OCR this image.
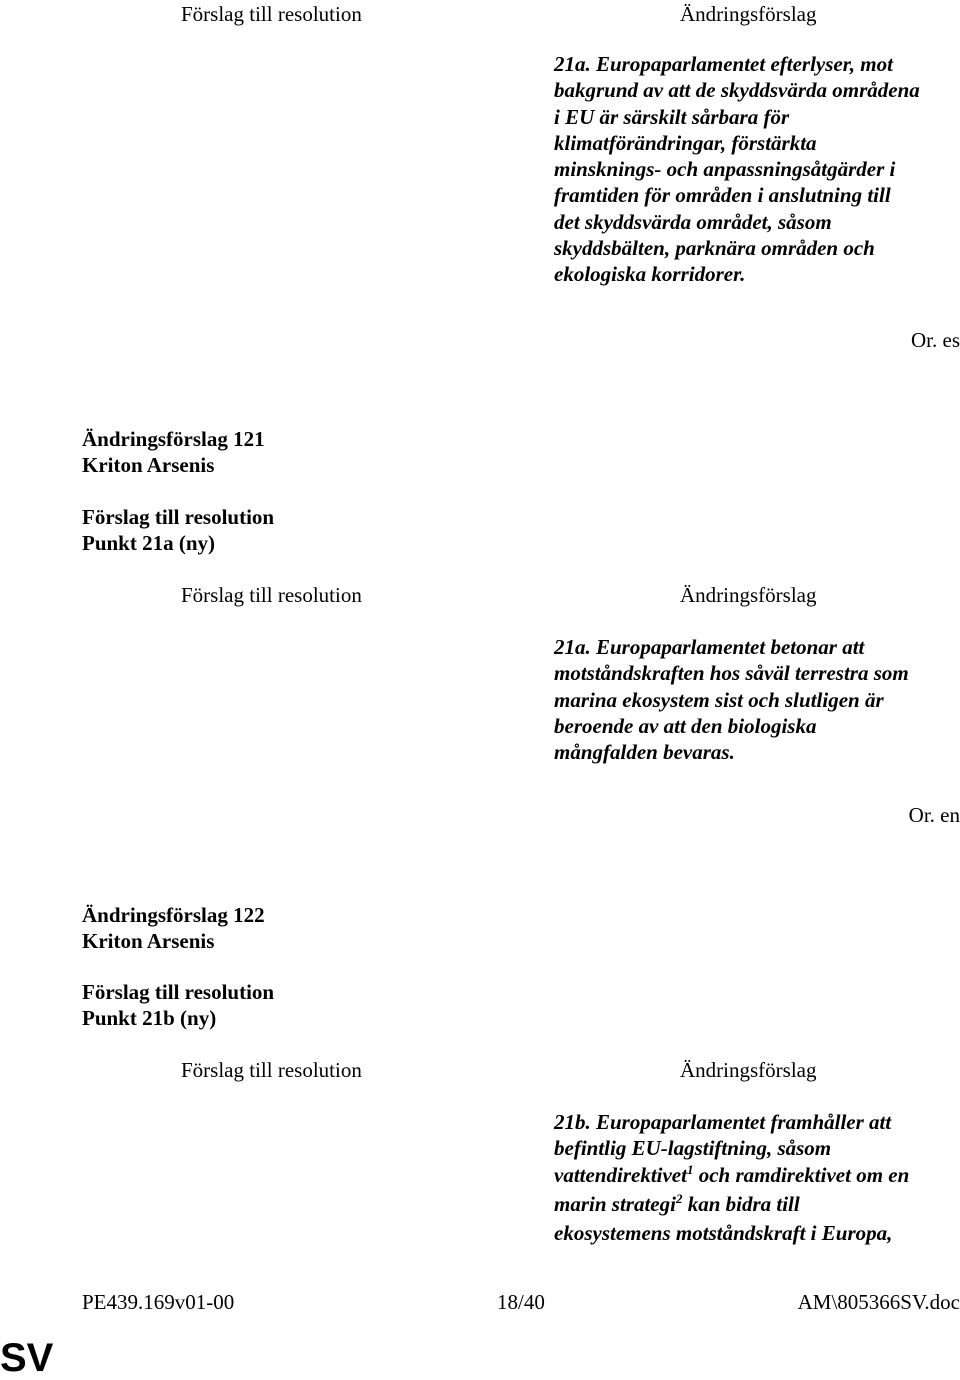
Förslag till resolution	Ändringsförslag
21a. Europaparlamentet efterlyser, mot
bakgrund av att de skyddsvärda områdena
i EU är särskilt sårbara för
klimatförändringar, förstärkta
minsknings- och anpassningsåtgärder i
framtiden för områden i anslutning till
det skyddsvärda området, såsom
skyddsbälten, parknära områden och
ekologiska korridorer.
Or. es
Ändringsförslag 121
Kriton Arsenis
Förslag till resolution
Punkt 21a (ny)
Förslag till resolution	Ändringsförslag
21a. Europaparlamentet betonar att
motståndskraften hos såväl terrestra som
marina ekosystem sist och slutligen är
beroende av att den biologiska
mångfalden bevaras.
Or. en
Ändringsförslag 122
Kriton Arsenis
Förslag till resolution
Punkt 21b (ny)
Förslag till resolution	Ändringsförslag
21b. Europaparlamentet framhåller att
befintlig EU-lagstiftning, såsom
vattendirektivet$^1$ och ramdirektivet om en
marin strategi$^2$ kan bidra till
ekosystemens motståndskraft i Europa,
PE439.169v01-00	18/40	AM\805366SV.doc
SV
